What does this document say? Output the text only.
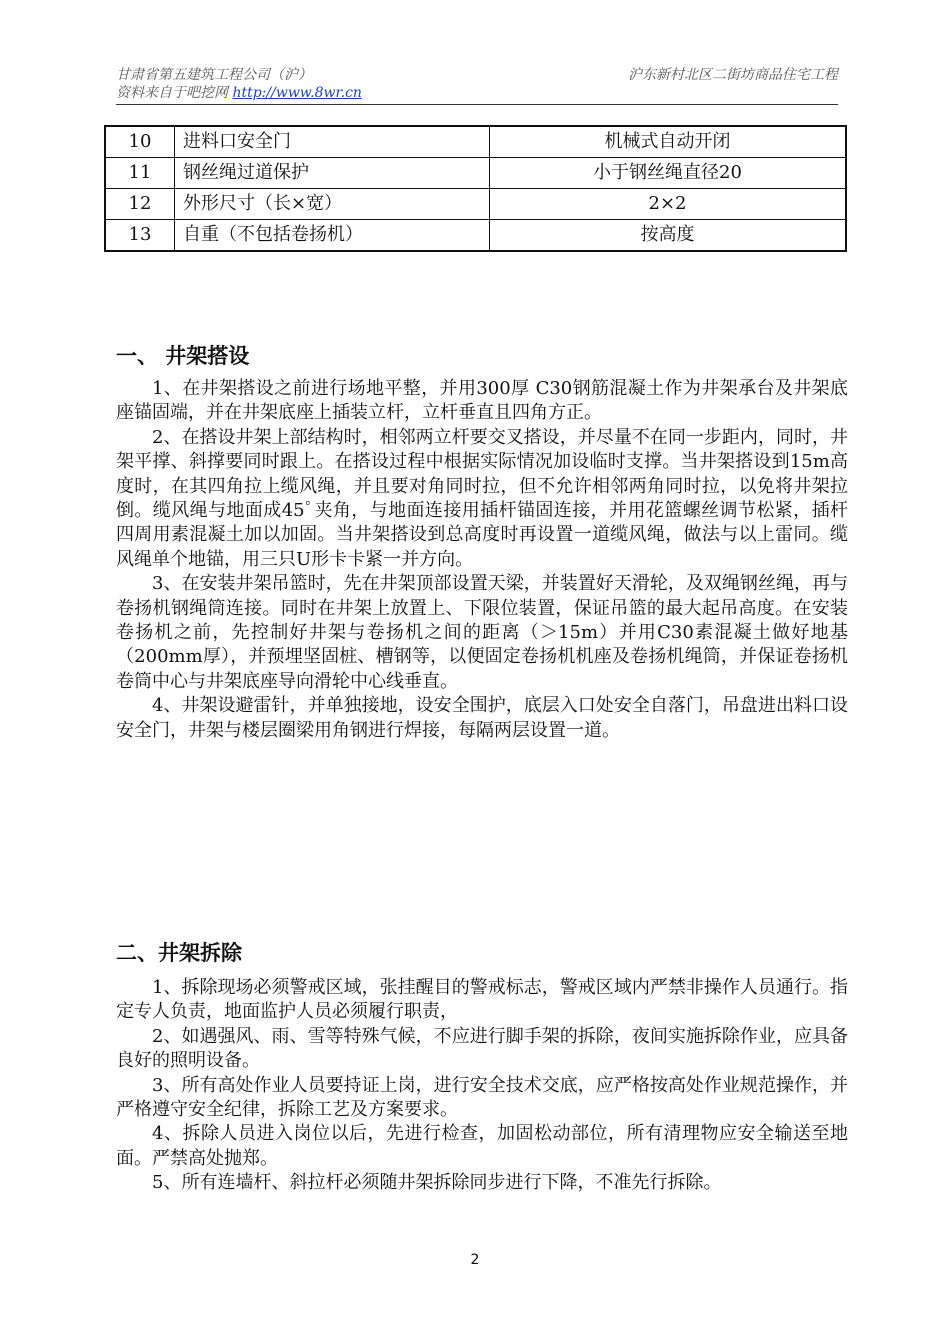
甘肃省第五建筑工程公司（沪）
资料来自于吧挖网 http://www.8wr.cn
沪东新村北区二街坊商品住宅工程
10	进料口安全门	机械式自动开闭
11	钢丝绳过道保护	小于钢丝绳直径20
12	外形尺寸（长×宽）	2×2
13	自重（不包括卷扬机）	按高度
一、 井架搭设

1、在井架搭设之前进行场地平整，并用300厚 C30钢筋混凝土作为井架承台及井架底座锚固端，并在井架底座上插装立杆，立杆垂直且四角方正。

2、在搭设井架上部结构时，相邻两立杆要交叉搭设，并尽量不在同一步距内，同时，井架平撑、斜撑要同时跟上。在搭设过程中根据实际情况加设临时支撑。当井架搭设到15m高度时，在其四角拉上缆风绳，并且要对角同时拉，但不允许相邻两角同时拉，以免将井架拉倒。缆风绳与地面成45ﾟ夹角，与地面连接用插杆锚固连接，并用花篮螺丝调节松紧，插杆四周用素混凝土加以加固。当井架搭设到总高度时再设置一道缆风绳，做法与以上雷同。缆风绳单个地锚，用三只U形卡卡紧一并方向。

3、在安装井架吊篮时，先在井架顶部设置天梁，并装置好天滑轮，及双绳钢丝绳，再与卷扬机钢绳筒连接。同时在井架上放置上、下限位装置，保证吊篮的最大起吊高度。在安装卷扬机之前，先控制好井架与卷扬机之间的距离（＞15m）并用C30素混凝土做好地基（200mm厚），并预埋坚固桩、槽钢等，以便固定卷扬机机座及卷扬机绳筒，并保证卷扬机卷筒中心与井架底座导向滑轮中心线垂直。

4、井架设避雷针，并单独接地，设安全围护，底层入口处安全自落门，吊盘进出料口设安全门，井架与楼层圈梁用角钢进行焊接，每隔两层设置一道。

二、井架拆除

1、拆除现场必须警戒区域，张挂醒目的警戒标志，警戒区域内严禁非操作人员通行。指定专人负责，地面监护人员必须履行职责，

2、如遇强风、雨、雪等特殊气候，不应进行脚手架的拆除，夜间实施拆除作业，应具备良好的照明设备。

3、所有高处作业人员要持证上岗，进行安全技术交底，应严格按高处作业规范操作，并严格遵守安全纪律，拆除工艺及方案要求。

4、拆除人员进入岗位以后，先进行检查，加固松动部位，所有清理物应安全输送至地面。严禁高处抛郑。

5、所有连墙杆、斜拉杆必须随井架拆除同步进行下降，不准先行拆除。

2
